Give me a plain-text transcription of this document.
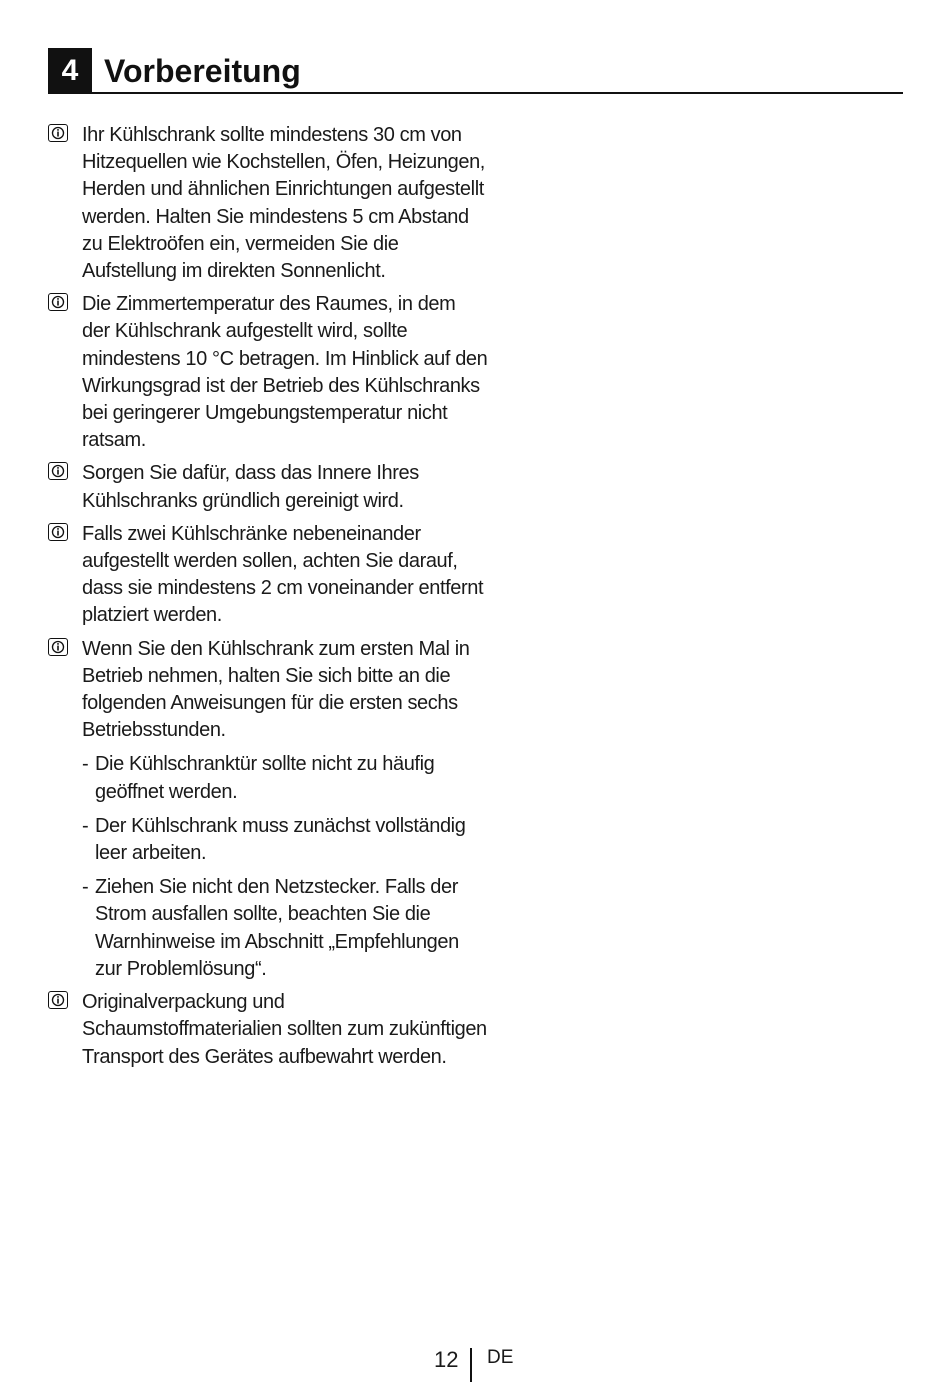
4 Vorbereitung

Ihr Kühlschrank sollte mindestens 30 cm von Hitzequellen wie Kochstellen, Öfen, Heizungen, Herden und ähnlichen Einrichtungen aufgestellt werden. Halten Sie mindestens 5 cm Abstand zu Elektroöfen ein, vermeiden Sie die Aufstellung im direkten Sonnenlicht.

Die Zimmertemperatur des Raumes, in dem der Kühlschrank aufgestellt wird, sollte mindestens 10 °C betragen. Im Hinblick auf den Wirkungsgrad ist der Betrieb des Kühlschranks bei geringerer Umgebungstemperatur nicht ratsam.

Sorgen Sie dafür, dass das Innere Ihres Kühlschranks gründlich gereinigt wird.

Falls zwei Kühlschränke nebeneinander aufgestellt werden sollen, achten Sie darauf, dass sie mindestens 2 cm voneinander entfernt platziert werden.

Wenn Sie den Kühlschrank zum ersten Mal in Betrieb nehmen, halten Sie sich bitte an die folgenden Anweisungen für die ersten sechs Betriebsstunden.

- Die Kühlschranktür sollte nicht zu häufig geöffnet werden.
- Der Kühlschrank muss zunächst vollständig leer arbeiten.
- Ziehen Sie nicht den Netzstecker. Falls der Strom ausfallen sollte, beachten Sie die Warnhinweise im Abschnitt „Empfehlungen zur Problemlösung“.

Originalverpackung und Schaumstoffmaterialien sollten zum zukünftigen Transport des Gerätes aufbewahrt werden.

12 DE
